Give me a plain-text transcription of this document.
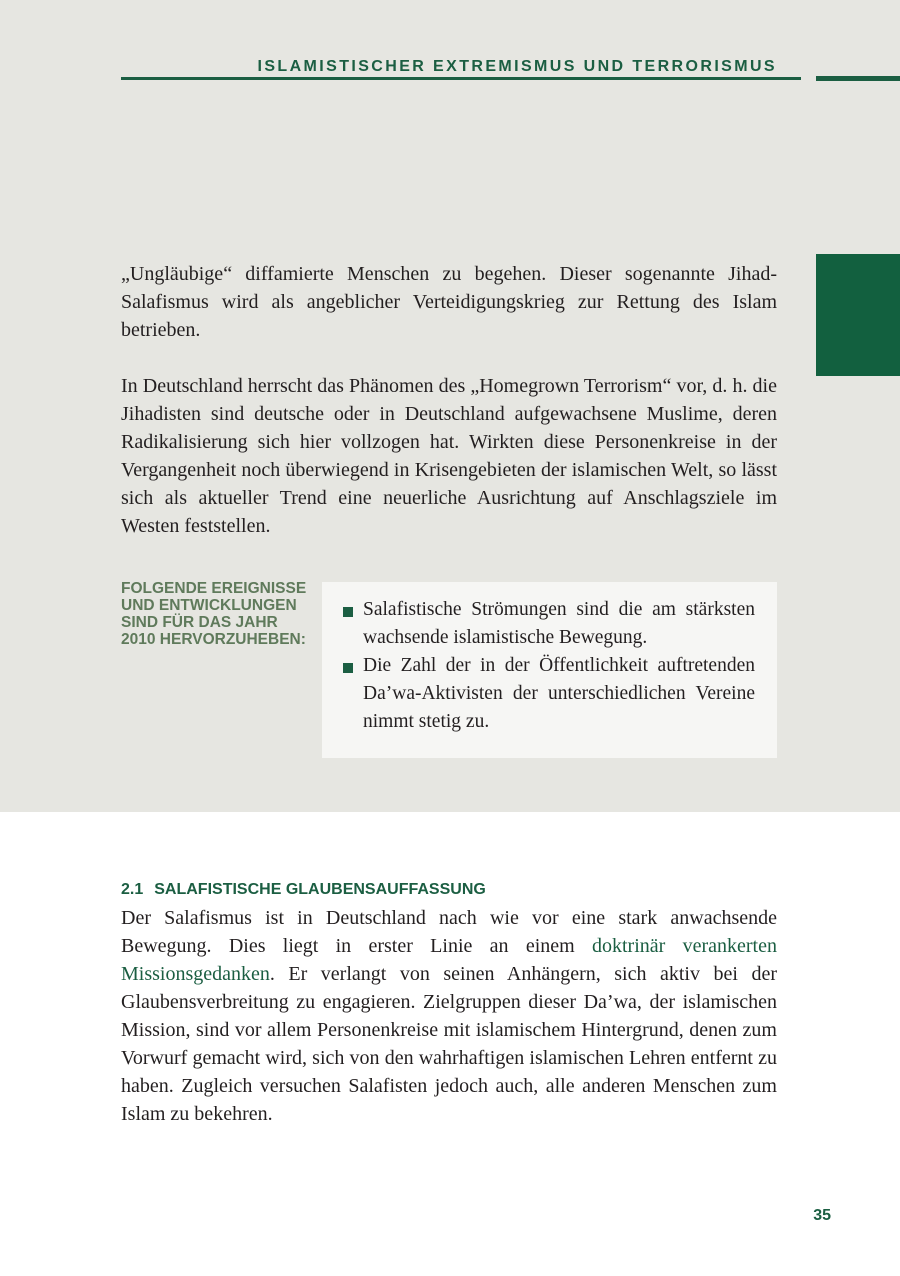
ISLAMISTISCHER EXTREMISMUS UND TERRORISMUS

„Ungläubige“ diffamierte Menschen zu begehen. Dieser sogenannte Jihad-Salafismus wird als angeblicher Verteidigungskrieg zur Rettung des Islam betrieben.

In Deutschland herrscht das Phänomen des „Homegrown Terrorism“ vor, d. h. die Jihadisten sind deutsche oder in Deutschland aufgewachsene Muslime, deren Radikalisierung sich hier vollzogen hat. Wirkten diese Personenkreise in der Vergangenheit noch überwiegend in Krisengebieten der islamischen Welt, so lässt sich als aktueller Trend eine neuerliche Ausrichtung auf Anschlagsziele im Westen feststellen.

FOLGENDE EREIGNISSE UND ENTWICKLUNGEN SIND FÜR DAS JAHR 2010 HERVORZUHEBEN:
Salafistische Strömungen sind die am stärksten wachsende islamistische Bewegung.
Die Zahl der in der Öffentlichkeit auftretenden Da’wa-Aktivisten der unterschiedlichen Vereine nimmt stetig zu.
2.1 SALAFISTISCHE GLAUBENSAUFFASSUNG

Der Salafismus ist in Deutschland nach wie vor eine stark anwachsende Bewegung. Dies liegt in erster Linie an einem doktrinär verankerten Missionsgedanken. Er verlangt von seinen Anhängern, sich aktiv bei der Glaubensverbreitung zu engagieren. Zielgruppen dieser Da’wa, der islamischen Mission, sind vor allem Personenkreise mit islamischem Hintergrund, denen zum Vorwurf gemacht wird, sich von den wahrhaftigen islamischen Lehren entfernt zu haben. Zugleich versuchen Salafisten jedoch auch, alle anderen Menschen zum Islam zu bekehren.

35
